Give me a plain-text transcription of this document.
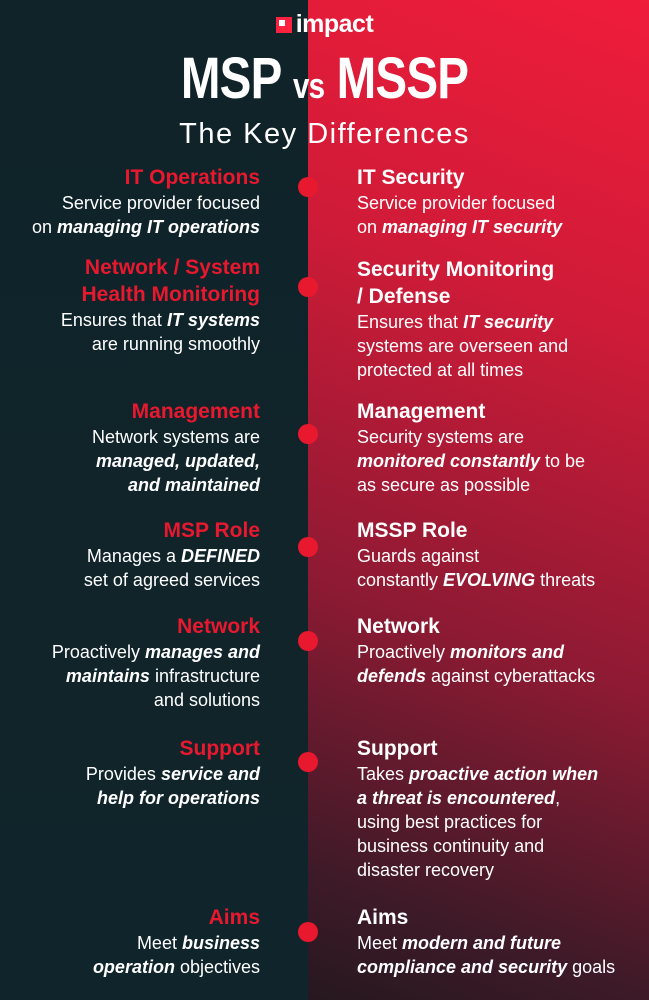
impact
MSP vs MSSP
The Key Differences
IT Operations
Service provider focused
on managing IT operations
IT Security
Service provider focused
on managing IT security
Network / System
Health Monitoring
Ensures that IT systems
are running smoothly
Security Monitoring
/ Defense
Ensures that IT security
systems are overseen and
protected at all times
Management
Network systems are
managed, updated,
and maintained
Management
Security systems are
monitored constantly to be
as secure as possible
MSP Role
Manages a DEFINED
set of agreed services
MSSP Role
Guards against
constantly EVOLVING threats
Network
Proactively manages and
maintains infrastructure
and solutions
Network
Proactively monitors and
defends against cyberattacks
Support
Provides service and
help for operations
Support
Takes proactive action when
a threat is encountered,
using best practices for
business continuity and
disaster recovery
Aims
Meet business
operation objectives
Aims
Meet modern and future
compliance and security goals
